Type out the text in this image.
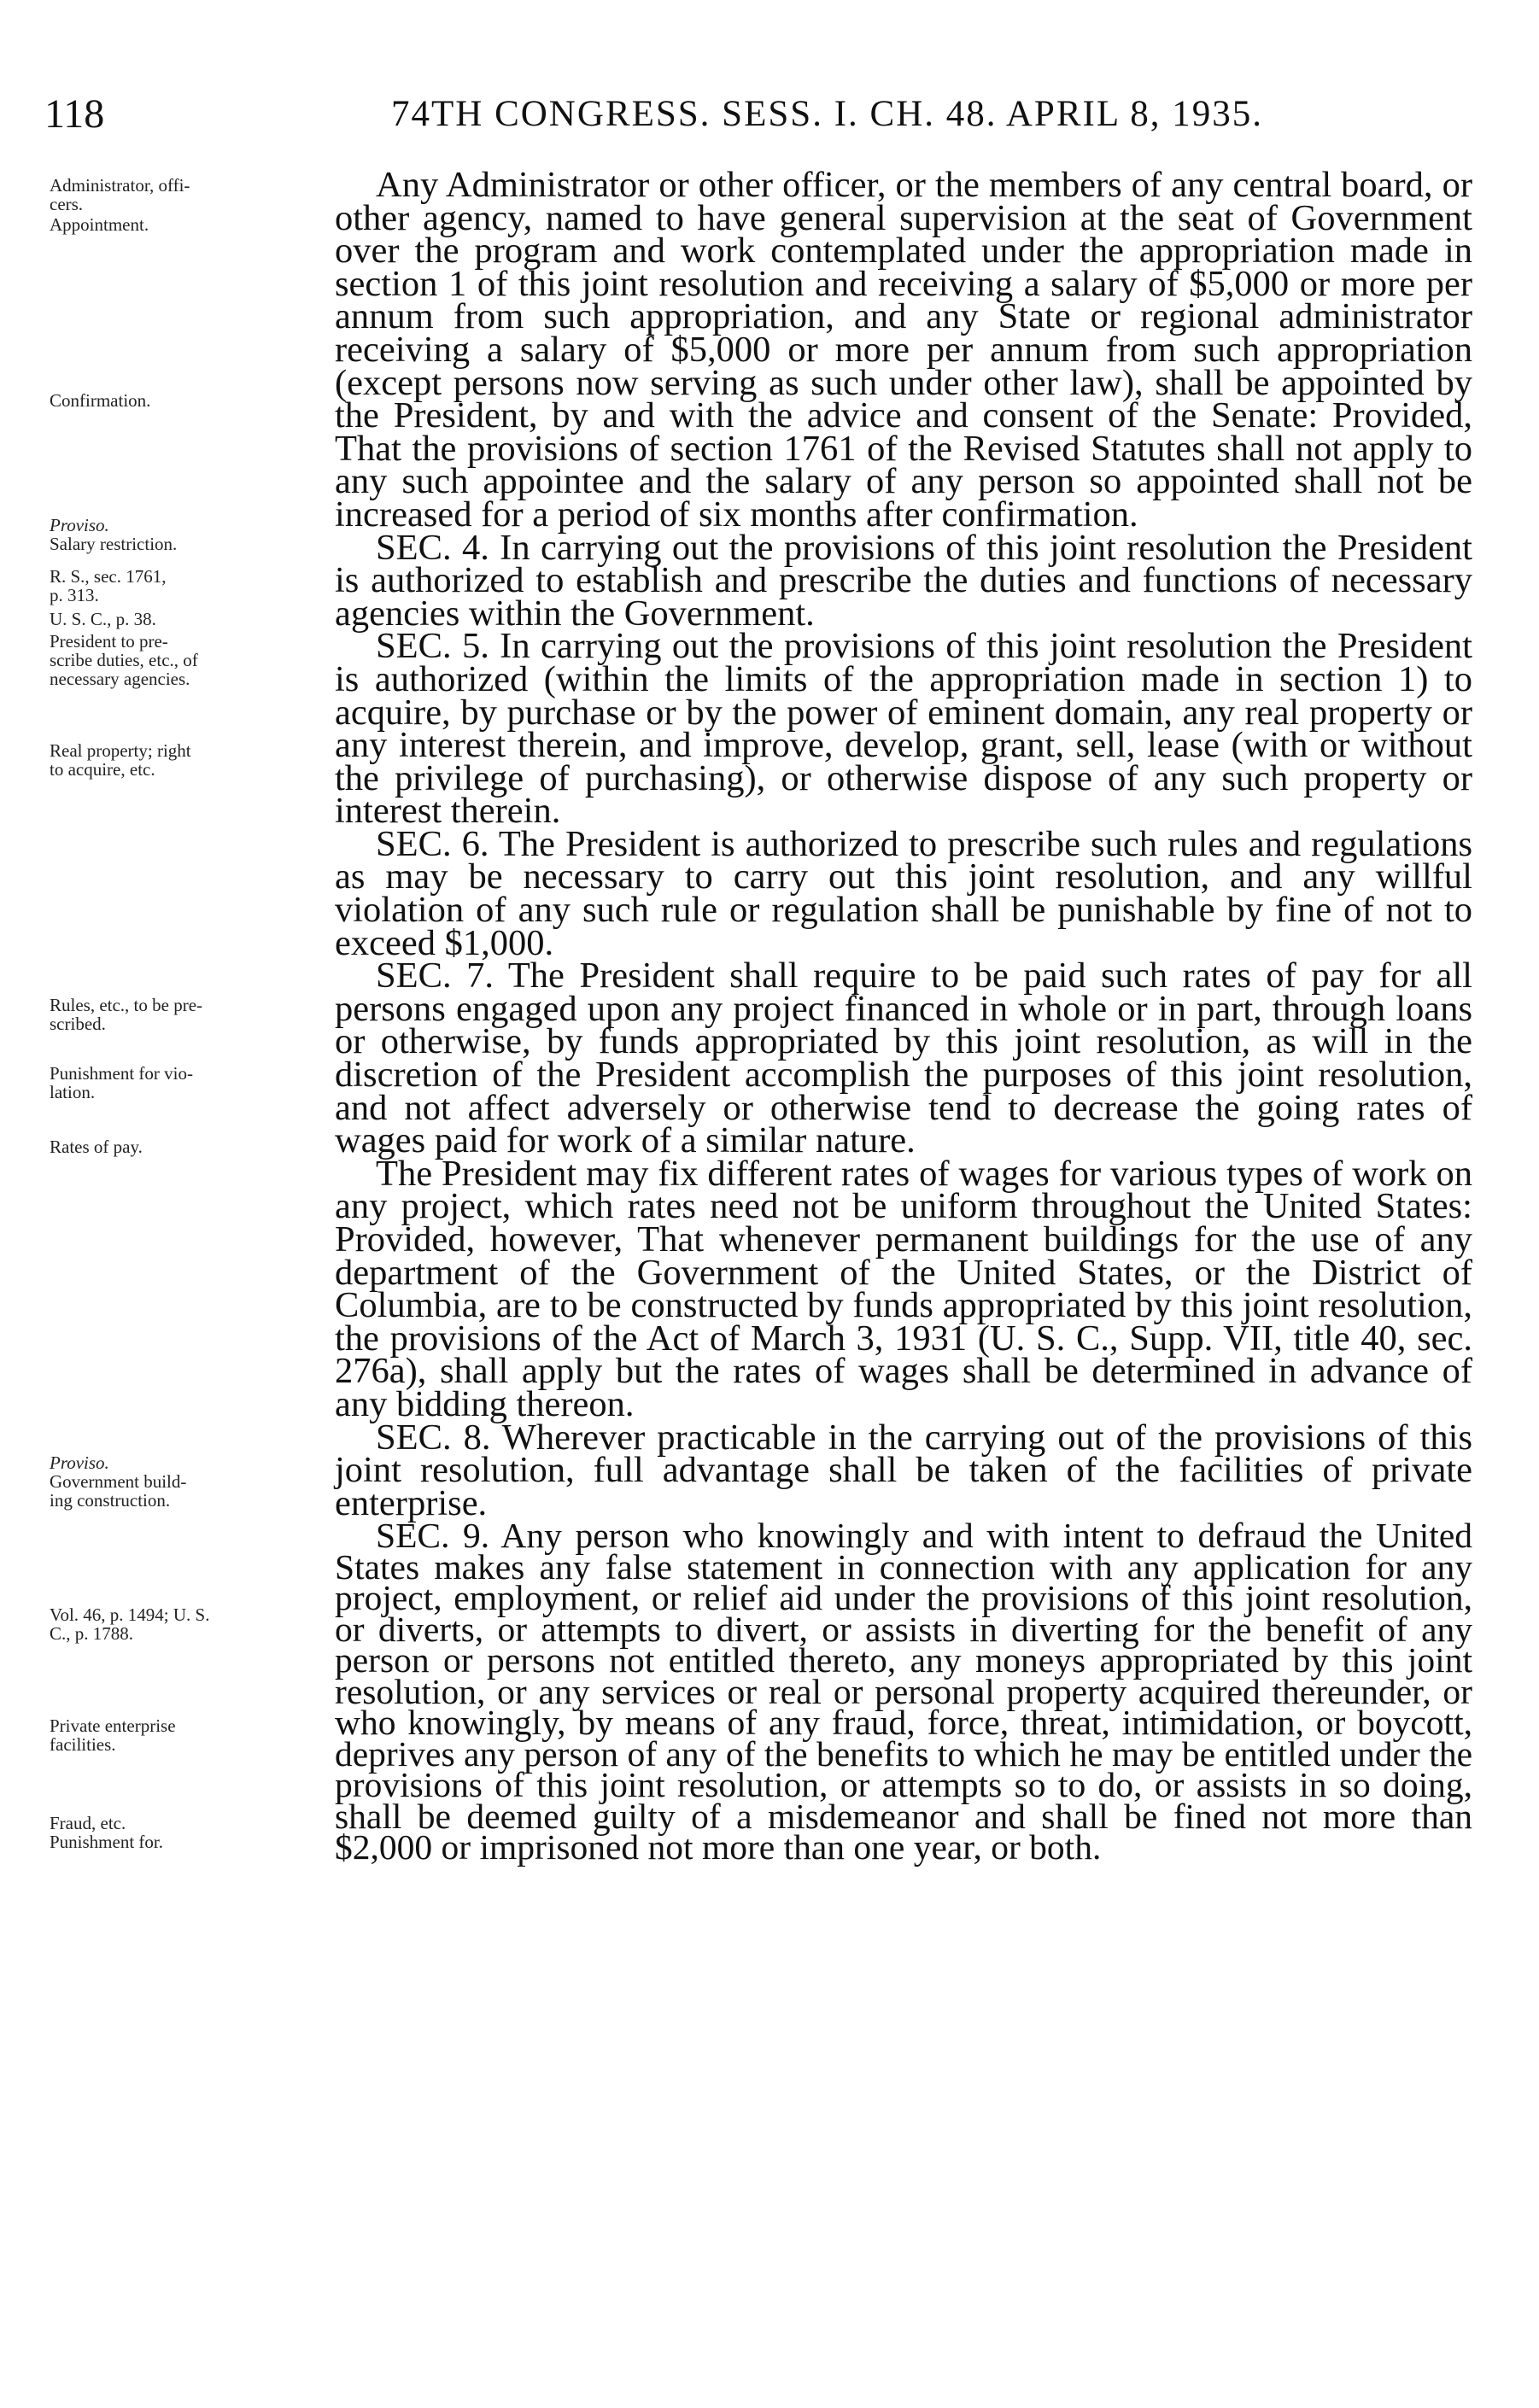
118	74TH CONGRESS. SESS. I. CH. 48. APRIL 8, 1935.
Administrator, offi-
cers.
Appointment.
Confirmation.
Proviso.
Salary restriction.
R. S., sec. 1761,
p. 313.
U. S. C., p. 38.
President to pre-
scribe duties, etc., of
necessary agencies.
Real property; right
to acquire, etc.
Rules, etc., to be pre-
scribed.
Punishment for vio-
lation.
Rates of pay.
Proviso.
Government build-
ing construction.
Vol. 46, p. 1494; U. S.
C., p. 1788.
Private enterprise
facilities.
Fraud, etc.
Punishment for.

Any Administrator or other officer, or the members of any central board, or other agency, named to have general supervision at the seat of Government over the program and work contemplated under the appropriation made in section 1 of this joint resolution and receiving a salary of $5,000 or more per annum from such appropriation, and any State or regional administrator receiving a salary of $5,000 or more per annum from such appropriation (except persons now serving as such under other law), shall be appointed by the President, by and with the advice and consent of the Senate: Provided, That the provisions of section 1761 of the Revised Statutes shall not apply to any such appointee and the salary of any person so appointed shall not be increased for a period of six months after confirmation.

SEC. 4. In carrying out the provisions of this joint resolution the President is authorized to establish and prescribe the duties and functions of necessary agencies within the Government.

SEC. 5. In carrying out the provisions of this joint resolution the President is authorized (within the limits of the appropriation made in section 1) to acquire, by purchase or by the power of eminent domain, any real property or any interest therein, and improve, develop, grant, sell, lease (with or without the privilege of purchasing), or otherwise dispose of any such property or interest therein.

SEC. 6. The President is authorized to prescribe such rules and regulations as may be necessary to carry out this joint resolution, and any willful violation of any such rule or regulation shall be punishable by fine of not to exceed $1,000.

SEC. 7. The President shall require to be paid such rates of pay for all persons engaged upon any project financed in whole or in part, through loans or otherwise, by funds appropriated by this joint resolution, as will in the discretion of the President accomplish the purposes of this joint resolution, and not affect adversely or otherwise tend to decrease the going rates of wages paid for work of a similar nature.

The President may fix different rates of wages for various types of work on any project, which rates need not be uniform throughout the United States: Provided, however, That whenever permanent buildings for the use of any department of the Government of the United States, or the District of Columbia, are to be constructed by funds appropriated by this joint resolution, the provisions of the Act of March 3, 1931 (U. S. C., Supp. VII, title 40, sec. 276a), shall apply but the rates of wages shall be determined in advance of any bidding thereon.

SEC. 8. Wherever practicable in the carrying out of the provisions of this joint resolution, full advantage shall be taken of the facilities of private enterprise.

SEC. 9. Any person who knowingly and with intent to defraud the United States makes any false statement in connection with any application for any project, employment, or relief aid under the provisions of this joint resolution, or diverts, or attempts to divert, or assists in diverting for the benefit of any person or persons not entitled thereto, any moneys appropriated by this joint resolution, or any services or real or personal property acquired thereunder, or who knowingly, by means of any fraud, force, threat, intimidation, or boycott, deprives any person of any of the benefits to which he may be entitled under the provisions of this joint resolution, or attempts so to do, or assists in so doing, shall be deemed guilty of a misdemeanor and shall be fined not more than $2,000 or imprisoned not more than one year, or both.
